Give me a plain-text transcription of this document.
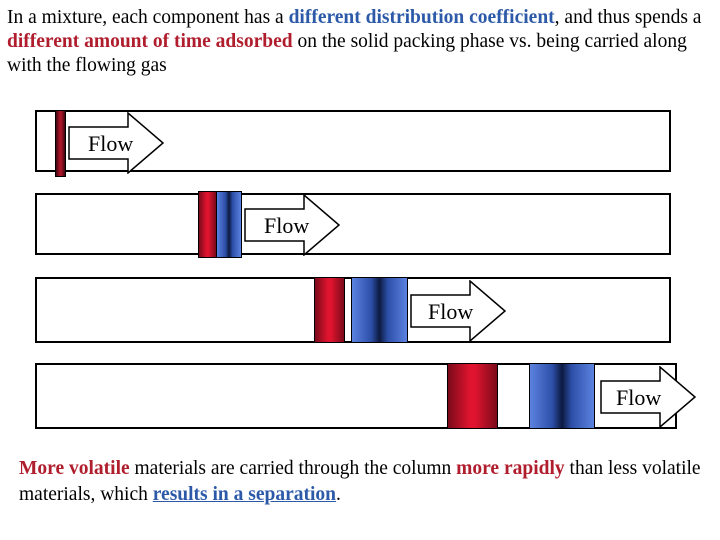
In a mixture, each component has a different distribution coefficient, and thus spends a different amount of time adsorbed on the solid packing phase vs. being carried along with the flowing gas

Flow
Flow
Flow
Flow

More volatile materials are carried through the column more rapidly than less volatile materials, which results in a separation.
